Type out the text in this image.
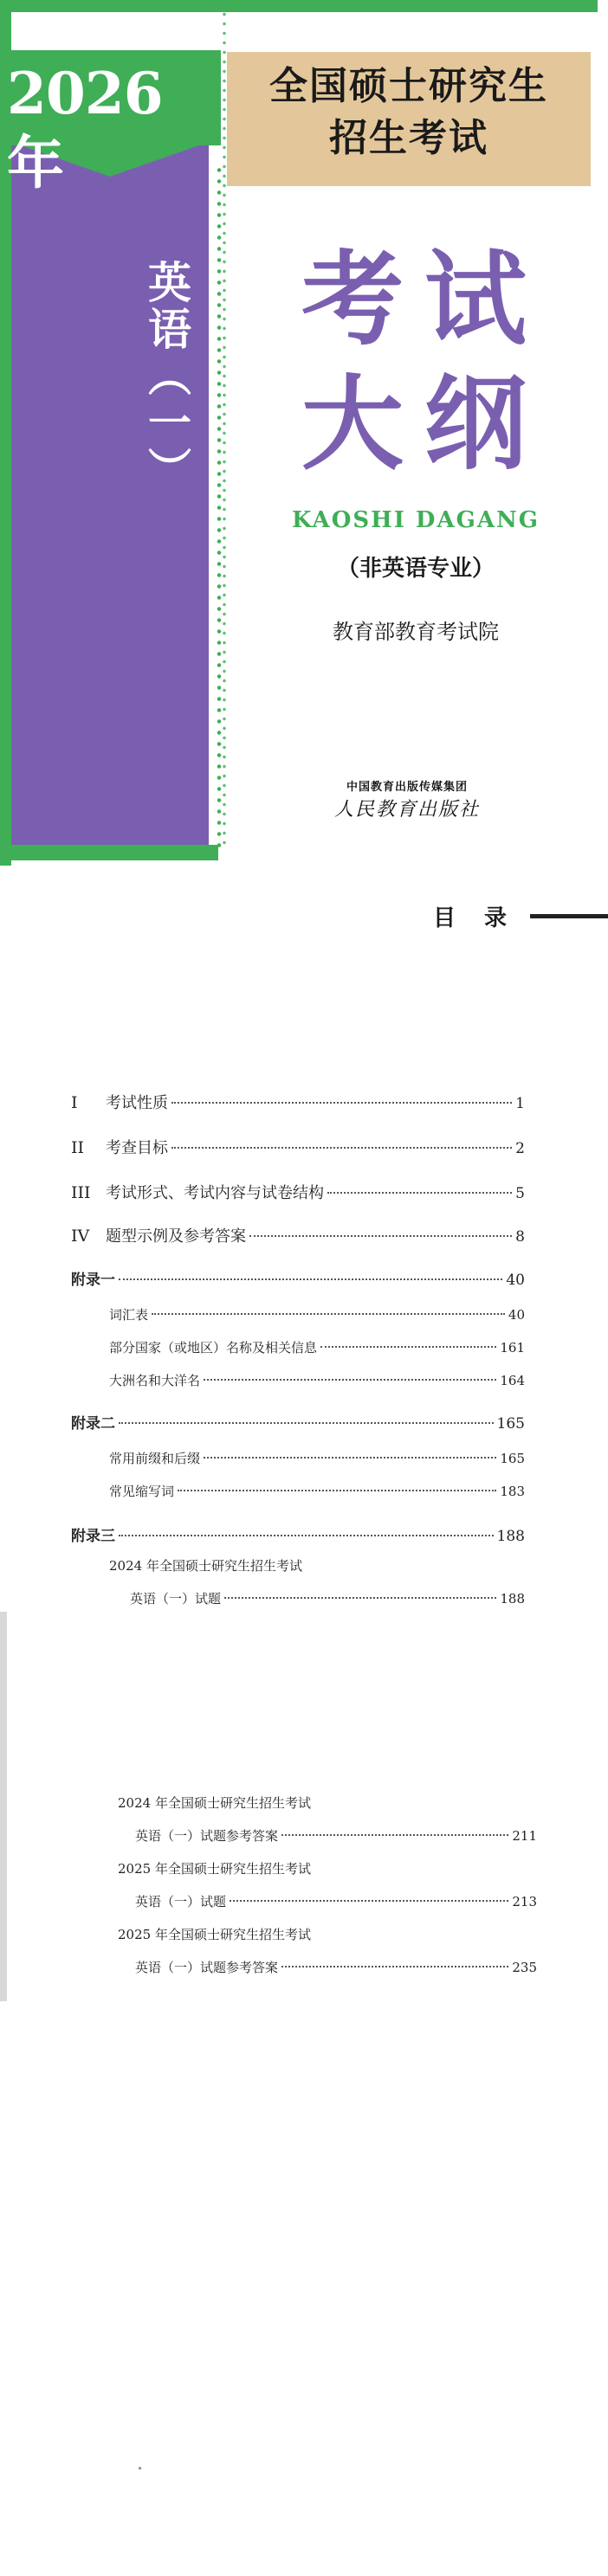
2026年
全国硕士研究生
招生考试
英语（一） 考试
大纲
KAOSHI DAGANG
（非英语专业）
教育部教育考试院
中国教育出版传媒集团
人民教育出版社
目 录
I	考试性质	1
II	考查目标	2
III 考试形式、考试内容与试卷结构	5
IV	题型示例及参考答案	8
附录一	40
词汇表	40
部分国家（或地区）名称及相关信息	161
大洲名和大洋名	164
附录二	165
常用前缀和后缀	165
常见缩写词	183
附录三	188
2024 年全国硕士研究生招生考试
英语（一）试题	188
2024 年全国硕士研究生招生考试
英语（一）试题参考答案	211
2025 年全国硕士研究生招生考试
英语（一）试题	213
2025 年全国硕士研究生招生考试
英语（一）试题参考答案	235
